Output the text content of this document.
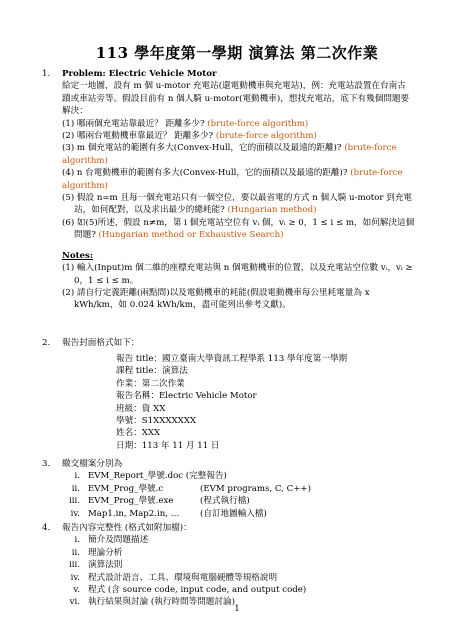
113 學年度第一學期 演算法 第二次作業
1. Problem: Electric Vehicle Motor
給定一地圖，設有 m 個 u-motor 充電站(還電動機車與充電站)，例：充電站設置在台南古
蹟或車站旁等。假設目前有 n 個人騎 u-motor(電動機車)，想找充電站，底下有幾個問題要
解決：
(1) 哪兩個充電站靠最近？ 距離多少? (brute-force algorithm)
(2) 哪兩台電動機車靠最近？ 距離多少? (brute-force algorithm)
(3) m 個充電站的範圍有多大(Convex-Hull，它的面積以及最遠的距離)? (brute-force
algorithm)
(4) n 台電動機車的範圍有多大(Convex-Hull，它的面積以及最遠的距離)? (brute-force
algorithm)
(5) 假設 n=m 且每一個充電站只有一個空位，要以最省電的方式 n 個人騎 u-motor 到充電
站，如何配對，以及求出最少的總耗能? (Hungarian method)
(6) 如(5)所述，假設 n≠m，第 i 個充電站空位有 vᵢ 個，vᵢ ≥ 0，1 ≤ i ≤ m，如何解決這個
問題? (Hungarian method or Exhaustive Search)
Notes:
(1) 輸入(Input)m 個二維的座標充電站與 n 個電動機車的位置，以及充電站空位數 vᵢ，vᵢ ≥
0，1 ≤ i ≤ m。
(2) 請自行定義距離(兩點間)以及電動機車的耗能(假設電動機車每公里耗電量為 x
kWh/km，如 0.024 kWh/km，盡可能列出參考文獻)。
2. 報告封面格式如下：
報告 title：國立臺南大學資訊工程學系 113 學年度第一學期
課程 title：演算法
作業：第二次作業
報告名稱：Electric Vehicle Motor
班級：資 XX
學號：S1XXXXXXX
姓名：XXX
日期：113 年 11 月 11 日
3. 繳交檔案分別為
i. EVM_Report_學號.doc (完整報告)
ii. EVM_Prog_學號.c	(EVM programs, C, C++)
iii. EVM_Prog_學號.exe	(程式執行檔)
iv. Map1.in, Map2.in, … (自訂地圖輸入檔)
4. 報告內容完整性 (格式如附加檔)：
i. 簡介及問題描述
ii. 理論分析
iii. 演算法則
iv. 程式設計語言、工具、環境與電腦硬體等規格說明
v. 程式 (含 source code, input code, and output code)
vi. 執行結果與討論 (執行時間等問題討論)
1
